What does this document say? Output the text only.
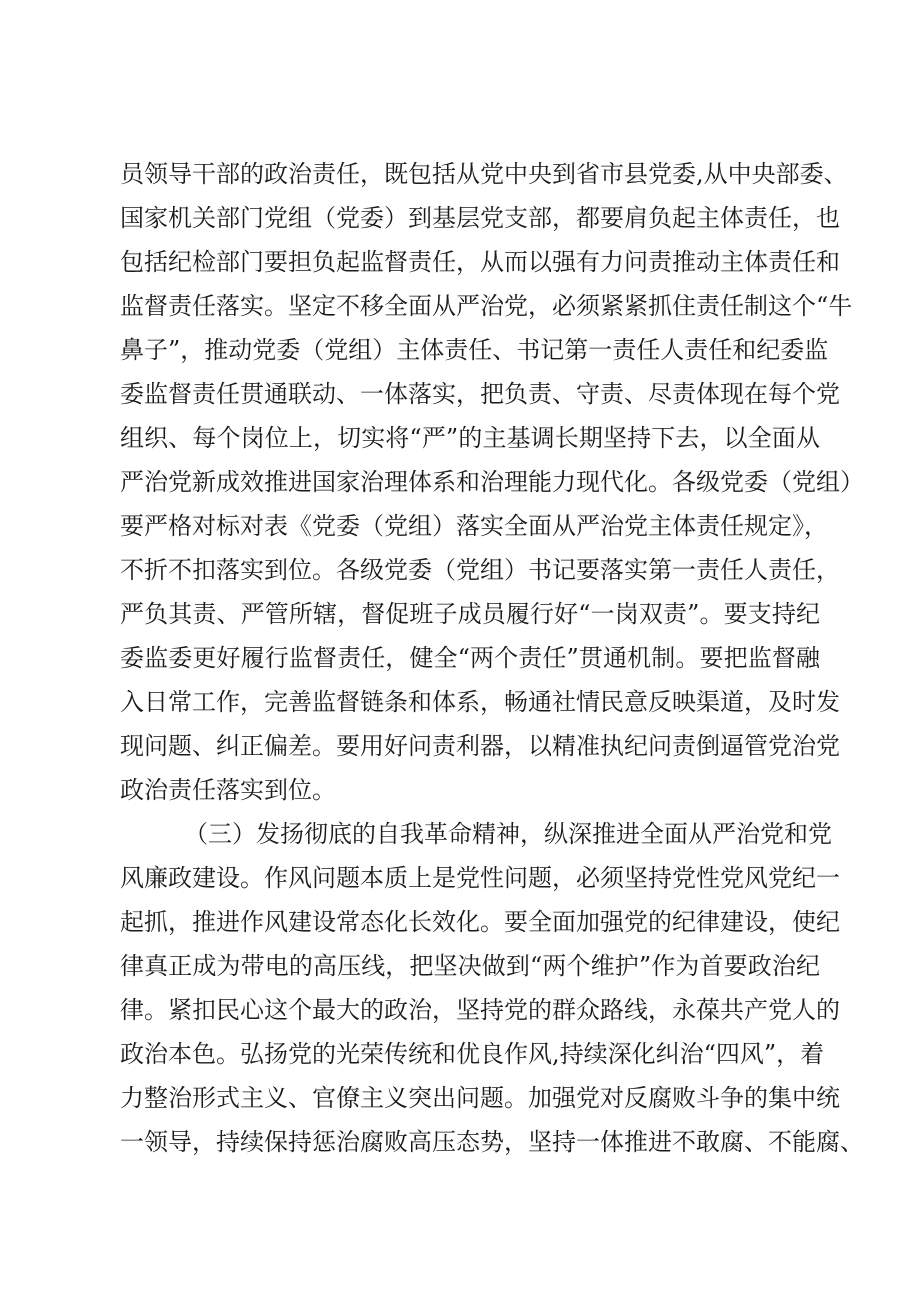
员领导干部的政治责任，既包括从党中央到省市县党委,从中央部委、
国家机关部门党组（党委）到基层党支部，都要肩负起主体责任，也
包括纪检部门要担负起监督责任，从而以强有力问责推动主体责任和
监督责任落实。坚定不移全面从严治党，必须紧紧抓住责任制这个“牛
鼻子”，推动党委（党组）主体责任、书记第一责任人责任和纪委监
委监督责任贯通联动、一体落实，把负责、守责、尽责体现在每个党
组织、每个岗位上，切实将“严”的主基调长期坚持下去，以全面从
严治党新成效推进国家治理体系和治理能力现代化。各级党委（党组）
要严格对标对表《党委（党组）落实全面从严治党主体责任规定》，
不折不扣落实到位。各级党委（党组）书记要落实第一责任人责任，
严负其责、严管所辖，督促班子成员履行好“一岗双责”。要支持纪
委监委更好履行监督责任，健全“两个责任”贯通机制。要把监督融
入日常工作，完善监督链条和体系，畅通社情民意反映渠道，及时发
现问题、纠正偏差。要用好问责利器，以精准执纪问责倒逼管党治党
政治责任落实到位。
（三）发扬彻底的自我革命精神，纵深推进全面从严治党和党
风廉政建设。作风问题本质上是党性问题，必须坚持党性党风党纪一
起抓，推进作风建设常态化长效化。要全面加强党的纪律建设，使纪
律真正成为带电的高压线，把坚决做到“两个维护”作为首要政治纪
律。紧扣民心这个最大的政治，坚持党的群众路线，永葆共产党人的
政治本色。弘扬党的光荣传统和优良作风,持续深化纠治“四风”，着
力整治形式主义、官僚主义突出问题。加强党对反腐败斗争的集中统
一领导，持续保持惩治腐败高压态势，坚持一体推进不敢腐、不能腐、
